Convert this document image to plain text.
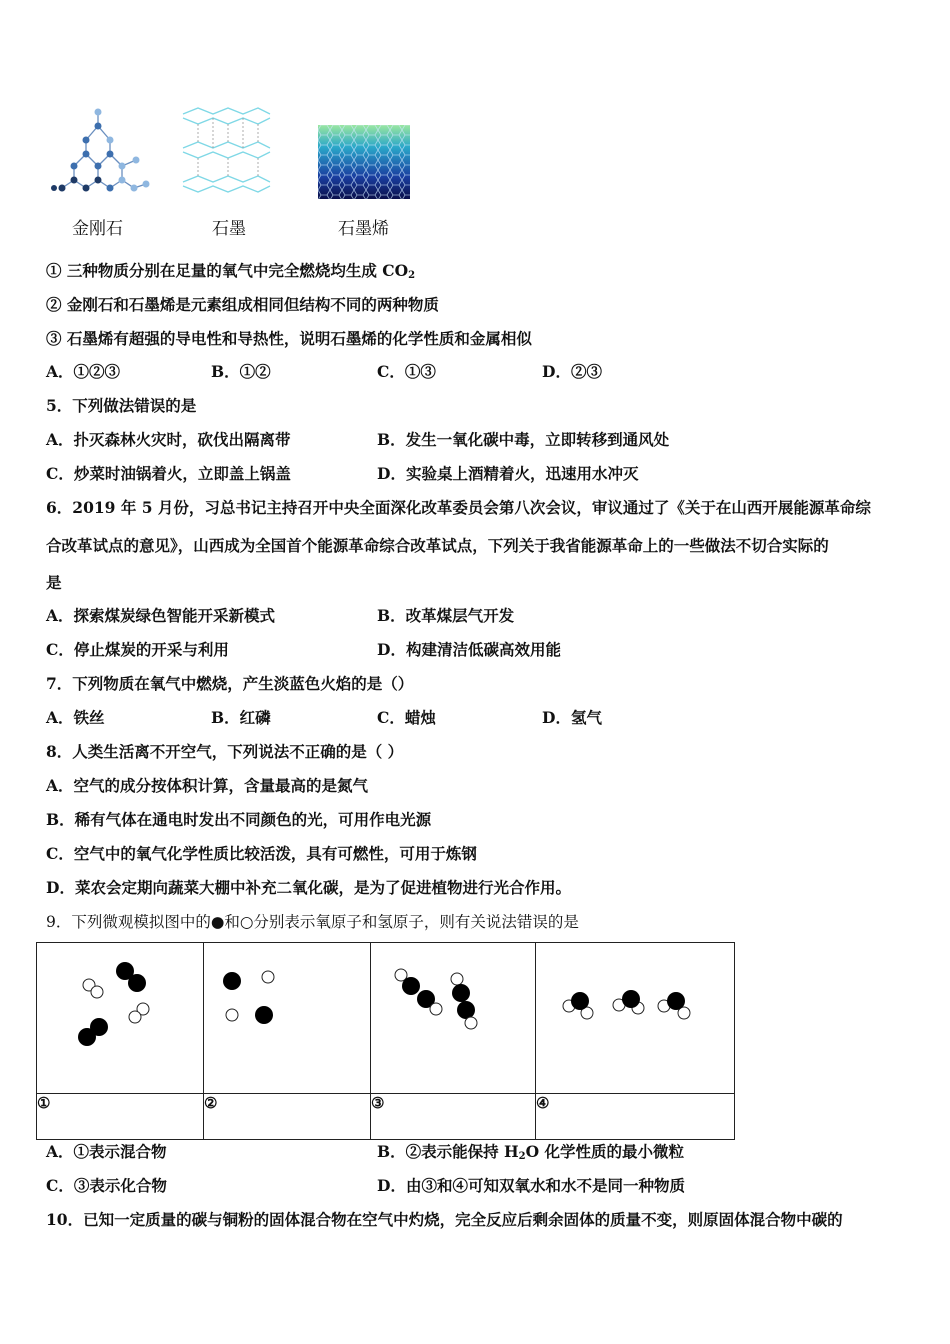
金刚石	石墨	石墨烯
① 三种物质分别在足量的氧气中完全燃烧均生成 $CO_2$
② 金刚石和石墨烯是元素组成相同但结构不同的两种物质
③ 石墨烯有超强的导电性和导热性，说明石墨烯的化学性质和金属相似
A．①②③	B．①②	C．①③	D．②③
5．下列做法错误的是
A．扑灭森林火灾时，砍伐出隔离带	B．发生一氧化碳中毒，立即转移到通风处
C．炒菜时油锅着火，立即盖上锅盖	D．实验桌上酒精着火，迅速用水冲灭
6．2019 年 5 月份，习总书记主持召开中央全面深化改革委员会第八次会议，审议通过了《关于在山西开展能源革命综
合改革试点的意见》，山西成为全国首个能源革命综合改革试点，下列关于我省能源革命上的一些做法不切合实际的
是
A．探索煤炭绿色智能开采新模式	B．改革煤层气开发
C．停止煤炭的开采与利用	D．构建清洁低碳高效用能
7．下列物质在氧气中燃烧，产生淡蓝色火焰的是（）
A．铁丝	B．红磷	C．蜡烛	D．氢气
8．人类生活离不开空气，下列说法不正确的是（ ）
A．空气的成分按体积计算，含量最高的是氮气
B．稀有气体在通电时发出不同颜色的光，可用作电光源
C．空气中的氧气化学性质比较活泼，具有可燃性，可用于炼钢
D．菜农会定期向蔬菜大棚中补充二氧化碳，是为了促进植物进行光合作用。
9．下列微观模拟图中的●和○分别表示氧原子和氢原子，则有关说法错误的是

①	②	③	④
A．①表示混合物	B．②表示能保持 $H_2O$ 化学性质的最小微粒
C．③表示化合物	D．由③和④可知双氧水和水不是同一种物质
10．已知一定质量的碳与铜粉的固体混合物在空气中灼烧，完全反应后剩余固体的质量不变，则原固体混合物中碳的
